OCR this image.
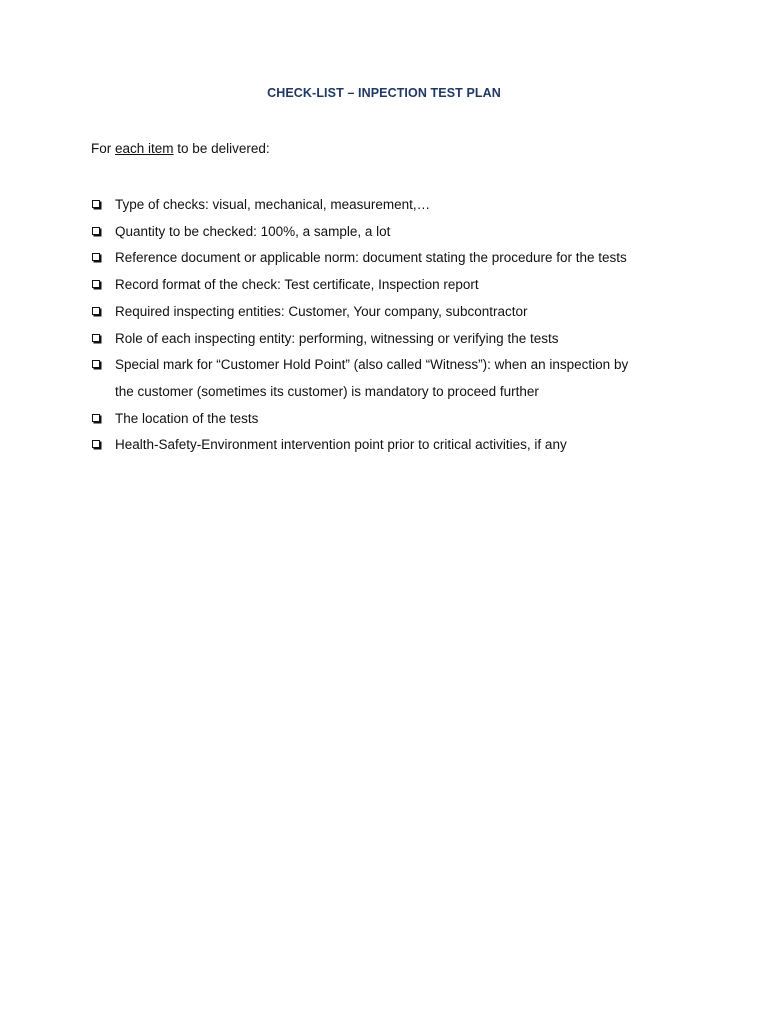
CHECK-LIST – INPECTION TEST PLAN
For each item to be delivered:
Type of checks: visual, mechanical, measurement,…
Quantity to be checked: 100%, a sample, a lot
Reference document or applicable norm: document stating the procedure for the tests
Record format of the check: Test certificate, Inspection report
Required inspecting entities: Customer, Your company, subcontractor
Role of each inspecting entity: performing, witnessing or verifying the tests
Special mark for “Customer Hold Point” (also called “Witness”): when an inspection by
the customer (sometimes its customer) is mandatory to proceed further
The location of the tests
Health-Safety-Environment intervention point prior to critical activities, if any
